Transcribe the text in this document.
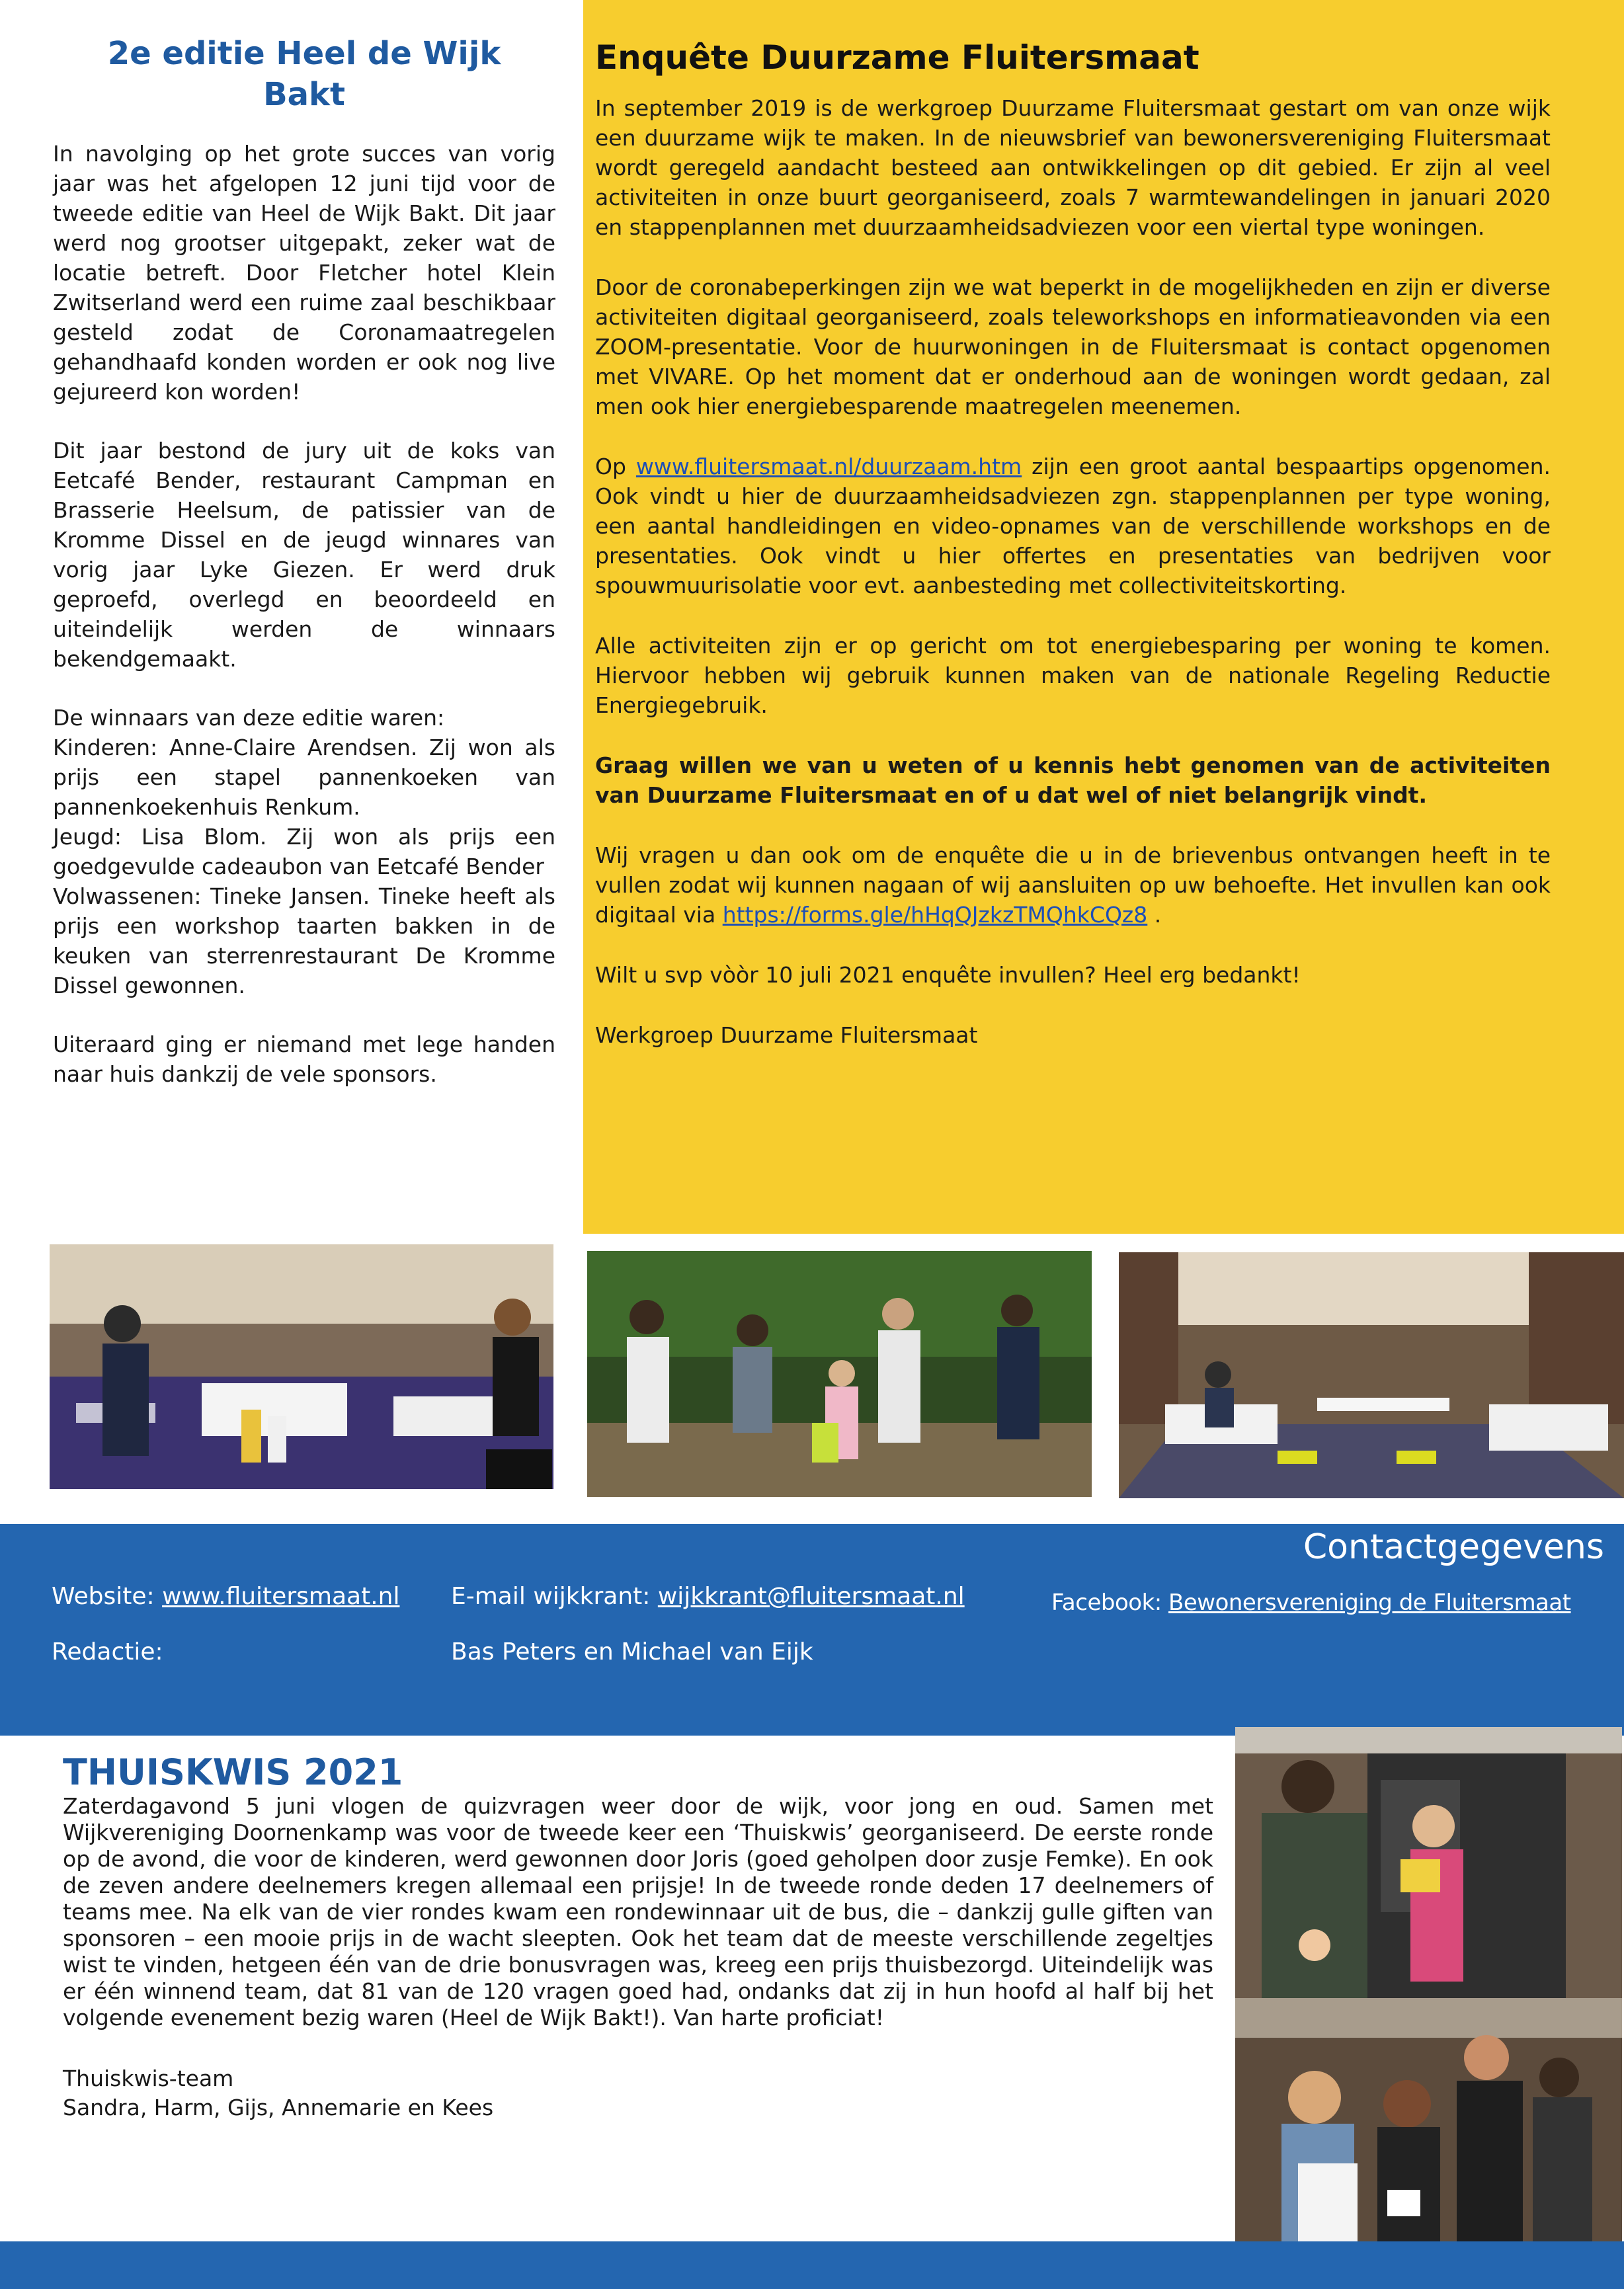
2e editie Heel de Wijk
Bakt

In navolging op het grote succes van vorig jaar was het afgelopen 12 juni tijd voor de tweede editie van Heel de Wijk Bakt. Dit jaar werd nog grootser uitgepakt, zeker wat de locatie betreft. Door Fletcher hotel Klein Zwitserland werd een ruime zaal beschikbaar gesteld zodat de Coronamaatregelen gehandhaafd konden worden er ook nog live gejureerd kon worden!

Dit jaar bestond de jury uit de koks van Eetcafé Bender, restaurant Campman en Brasserie Heelsum, de patissier van de Kromme Dissel en de jeugd winnares van vorig jaar Lyke Giezen. Er werd druk geproefd, overlegd en beoordeeld en uiteindelijk werden de winnaars bekendgemaakt.

De winnaars van deze editie waren:
Kinderen: Anne-Claire Arendsen. Zij won als prijs een stapel pannenkoeken van pannenkoekenhuis Renkum.
Jeugd: Lisa Blom. Zij won als prijs een goedgevulde cadeaubon van Eetcafé Bender
Volwassenen: Tineke Jansen. Tineke heeft als prijs een workshop taarten bakken in de keuken van sterrenrestaurant De Kromme Dissel gewonnen.

Uiteraard ging er niemand met lege handen naar huis dankzij de vele sponsors.

Enquête Duurzame Fluitersmaat

In september 2019 is de werkgroep Duurzame Fluitersmaat gestart om van onze wijk een duurzame wijk te maken. In de nieuwsbrief van bewonersvereniging Fluitersmaat wordt geregeld aandacht besteed aan ontwikkelingen op dit gebied. Er zijn al veel activiteiten in onze buurt georganiseerd, zoals 7 warmtewandelingen in januari 2020 en stappenplannen met duurzaamheidsadviezen voor een viertal type woningen.

Door de coronabeperkingen zijn we wat beperkt in de mogelijkheden en zijn er diverse activiteiten digitaal georganiseerd, zoals teleworkshops en informatieavonden via een ZOOM-presentatie. Voor de huurwoningen in de Fluitersmaat is contact opgenomen met VIVARE. Op het moment dat er onderhoud aan de woningen wordt gedaan, zal men ook hier energiebesparende maatregelen meenemen.

Op www.fluitersmaat.nl/duurzaam.htm zijn een groot aantal bespaartips opgenomen. Ook vindt u hier de duurzaamheidsadviezen zgn. stappenplannen per type woning, een aantal handleidingen en video-opnames van de verschillende workshops en de presentaties. Ook vindt u hier offertes en presentaties van bedrijven voor spouwmuurisolatie voor evt. aanbesteding met collectiviteitskorting.

Alle activiteiten zijn er op gericht om tot energiebesparing per woning te komen. Hiervoor hebben wij gebruik kunnen maken van de nationale Regeling Reductie Energiegebruik.

Graag willen we van u weten of u kennis hebt genomen van de activiteiten van Duurzame Fluitersmaat en of u dat wel of niet belangrijk vindt.

Wij vragen u dan ook om de enquête die u in de brievenbus ontvangen heeft in te vullen zodat wij kunnen nagaan of wij aansluiten op uw behoefte. Het invullen kan ook digitaal via https://forms.gle/hHqQJzkzTMQhkCQz8 .

Wilt u svp vòòr 10 juli 2021 enquête invullen? Heel erg bedankt!

Werkgroep Duurzame Fluitersmaat

Contactgegevens
Website: www.fluitersmaat.nl E-mail wijkkrant: wijkkrant@fluitersmaat.nl	Facebook: Bewonersvereniging de Fluitersmaat
Redactie:	Bas Peters en Michael van Eijk
THUISKWIS 2021

Zaterdagavond 5 juni vlogen de quizvragen weer door de wijk, voor jong en oud. Samen met Wijkvereniging Doornenkamp was voor de tweede keer een ‘Thuiskwis’ georganiseerd. De eerste ronde op de avond, die voor de kinderen, werd gewonnen door Joris (goed geholpen door zusje Femke). En ook de zeven andere deelnemers kregen allemaal een prijsje! In de tweede ronde deden 17 deelnemers of teams mee. Na elk van de vier rondes kwam een rondewinnaar uit de bus, die – dankzij gulle giften van sponsoren – een mooie prijs in de wacht sleepten. Ook het team dat de meeste verschillende zegeltjes wist te vinden, hetgeen één van de drie bonusvragen was, kreeg een prijs thuisbezorgd. Uiteindelijk was er één winnend team, dat 81 van de 120 vragen goed had, ondanks dat zij in hun hoofd al half bij het volgende evenement bezig waren (Heel de Wijk Bakt!). Van harte proficiat!

Thuiskwis-team
Sandra, Harm, Gijs, Annemarie en Kees
